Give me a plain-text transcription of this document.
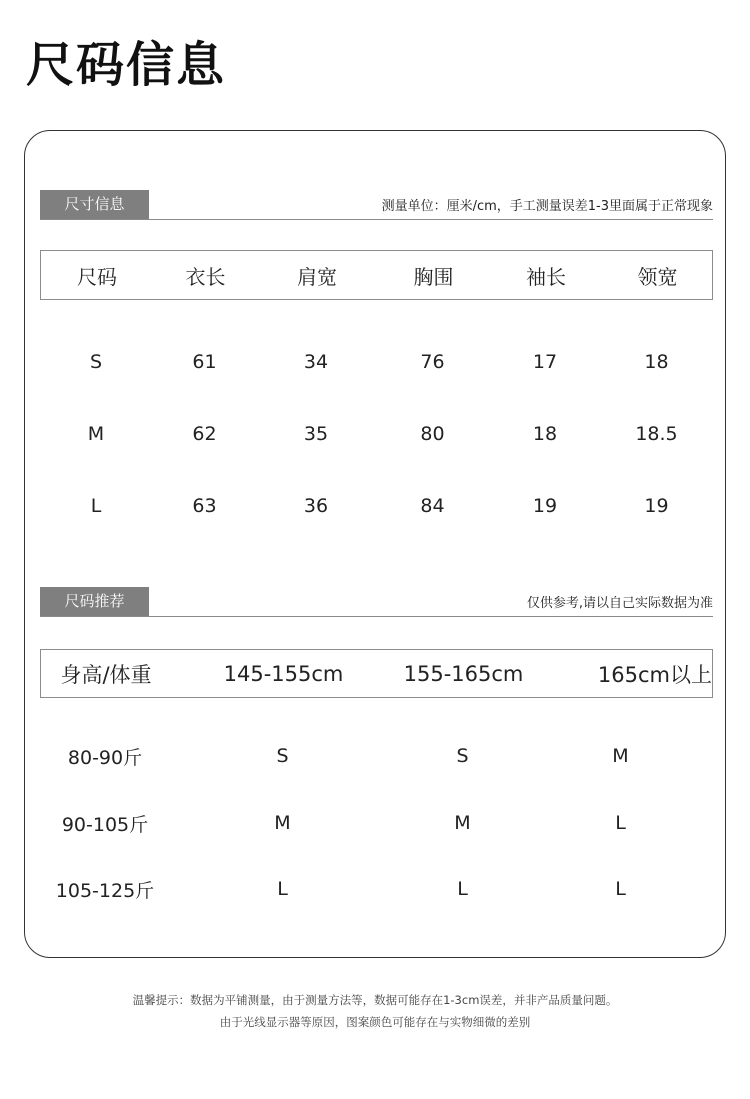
尺码信息
尺寸信息	测量单位：厘米/cm，手工测量误差1-3里面属于正常现象
尺码	衣长	肩宽	胸围	袖长	领宽
S	61	34	76	17	18
M	62	35	80	18	18.5
L	63	36	84	19	19
尺码推荐	仅供参考,请以自己实际数据为准
身高/体重	145-155cm	155-165cm	165cm以上
80-90斤	S	S	M
90-105斤	M	M	L
105-125斤	L	L	L
温馨提示：数据为平铺测量，由于测量方法等，数据可能存在1-3cm误差，并非产品质量问题。
由于光线显示器等原因，图案颜色可能存在与实物细微的差别
